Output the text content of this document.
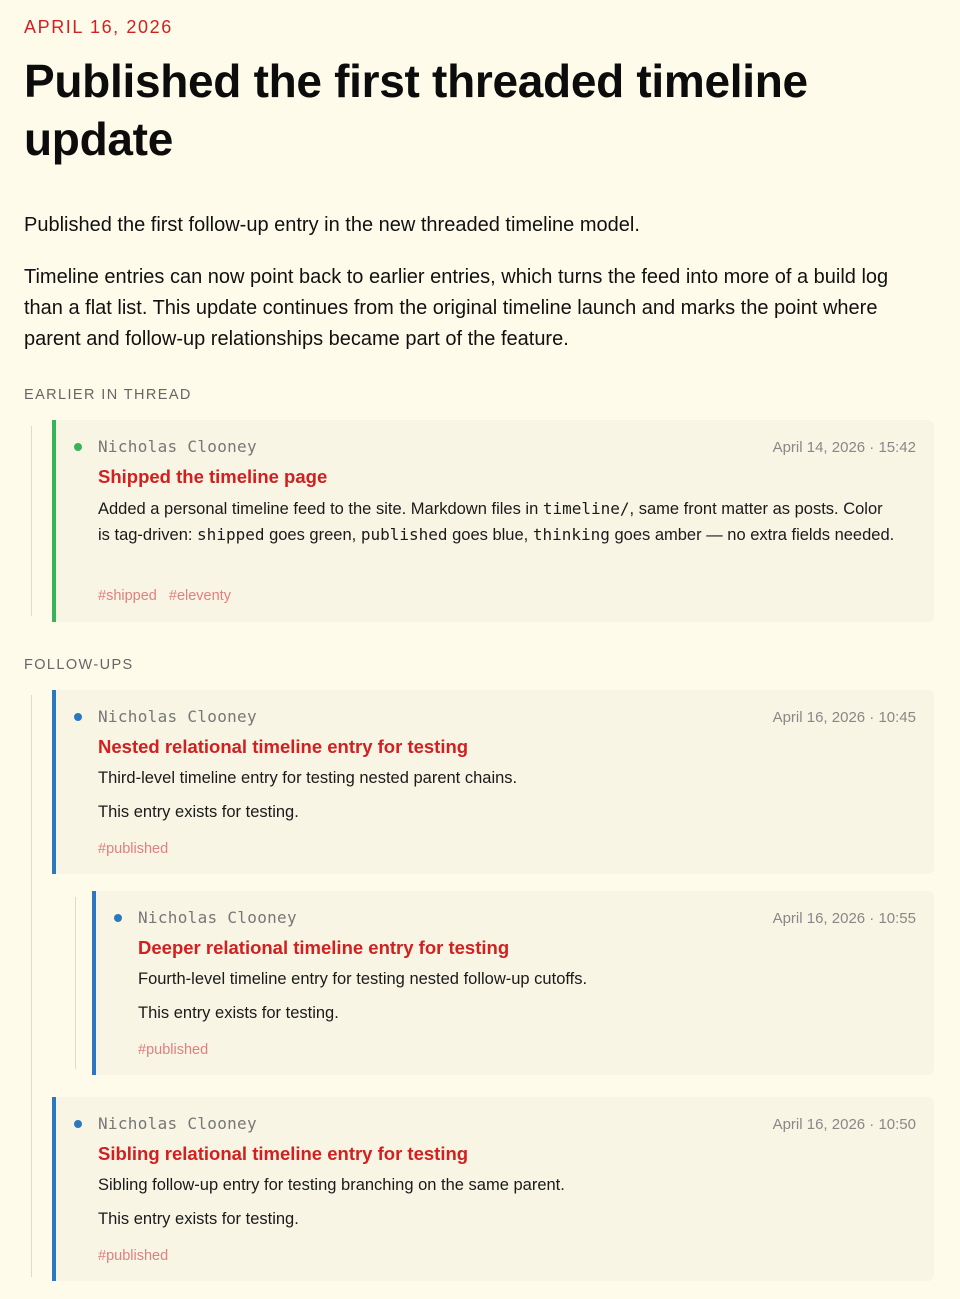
APRIL 16, 2026
Published the first threaded timeline update

Published the first follow-up entry in the new threaded timeline model.

Timeline entries can now point back to earlier entries, which turns the feed into more of a build log than a flat list. This update continues from the original timeline launch and marks the point where parent and follow-up relationships became part of the feature.

EARLIER IN THREAD
Nicholas Clooney	April 14, 2026 · 15:42
Shipped the timeline page

Added a personal timeline feed to the site. Markdown files in timeline/, same front matter as posts. Color is tag-driven: shipped goes green, published goes blue, thinking goes amber — no extra fields needed.

#shipped #eleventy
FOLLOW-UPS
Nicholas Clooney	April 16, 2026 · 10:45
Nested relational timeline entry for testing

Third-level timeline entry for testing nested parent chains.

This entry exists for testing.

#published
Nicholas Clooney	April 16, 2026 · 10:55
Deeper relational timeline entry for testing

Fourth-level timeline entry for testing nested follow-up cutoffs.

This entry exists for testing.

#published
Nicholas Clooney	April 16, 2026 · 10:50
Sibling relational timeline entry for testing

Sibling follow-up entry for testing branching on the same parent.

This entry exists for testing.

#published
